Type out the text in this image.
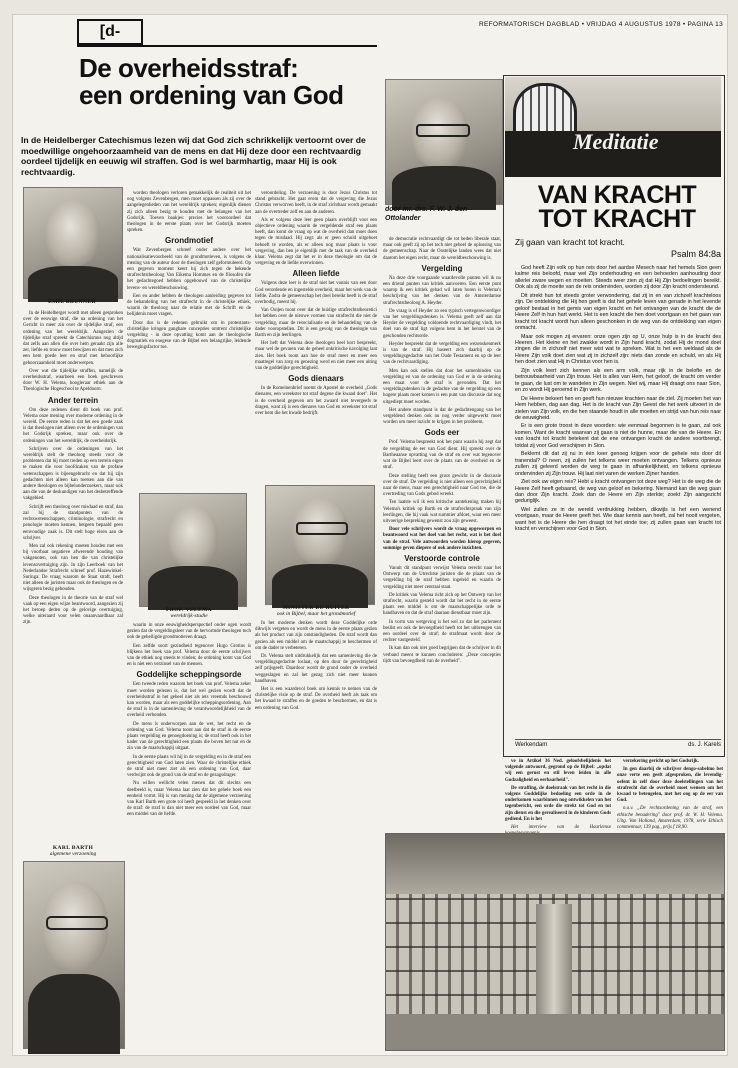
REFORMATORISCH DAGBLAD • VRIJDAG 4 AUGUSTUS 1978 • PAGINA 13
[d-
De overheidsstraf:
een ordening van God
In de Heidelberger Catechismus lezen wij dat God zich schrikkelijk vertoornt over de moedwillige ongehoorzaamheid van de mens en dat Hij deze door een rechtvaardig oordeel tijdelijk en eeuwig wil straffen. God is wel barmhartig, maar Hij is ook rechtvaardig.
door mr. drs. F. W. J. den Ottolander
EMIL BRUNNER

In de Heidelberger wordt met alleen gesproken over de eeuwige straf, die na ordening van het Gericht in meer zin over de tijdelijke straf, een ordening van het wereldrijk. Aangezien de tijdelijke straf spreekt de Catechismus nog altijd dat zelfs aan allen die over hem geraakt zijn alle zer, liefde en trouw moet bewijzen en dat men zich een hem goede leer en straf met behoorlijke gehoorzaamheid moet onderwerpen.

Over wat die tijdelijke straffen, namelijk de overheidsstraf, waarheen een boek geschreven door W. H. Velema, hoogleraar ethiek aan de Theologische Hogeschool te Apeldoorn.

Ander terrein

Om deze redenen dient dit boek van prof. Velema onze mening over moderne ordening in de wereld. De eerste reden is dat het een goede zaak is dat theologen niet alleen over de ordeningen van het Godsrijk spreken, maar ook over de ordeningen van het wereldrijk, de overheidsrijk.

Schrijven over de ordeningen van het wereldrijk stelt de theoloog steeds voor de problemen dat hij moet treden op een terrein eigen te maken die voor hoofdzaken van de profane wetenschappen is bijeengebracht en dat hij zijn gedachten niet alleen kan toetsen aan die van andere theologen en bijbelonderzoekers, maar ook aan die van de deskundigen van het desbetreffende vakgebied.

Schrijft een theoloog over misdaad en straf, dan zal hij de standpunten van de rechtswetenschappen, criminologie, strafrecht en penologie moeten kennen, hetgeen bepaald geen eenvoudige zaak is. Dit stelt hoge eisen aan de schrijver.

Men zal ook rekening moeten houden met een bij voorbaat negatieve afwerende houding van vakgenoten, ook van hen die van christelijke levensovertuiging zijn. In zijn Leerboek van het Nederlandse Strafrecht schreef prof. Hazewinkel-Suringa: De vraag waarom de Staat straft, heeft niet alleen de juristen maar ook de theologen en de wijsgeren bezig gehouden.

Deze theologen in de theorie van de straf wel vaak op een eigen wijze beantwoord, aangezien zij het beroep deden op de gelovige overtuiging, welke uiteraard voor velen onaanvaardbaar zal zijn.

KARL BARTH
algemene verzoening

worden theologen verloren gemakkelijk de realiteit uit het oog volgens Zevenbergen, men moet oppassen als zij over de aangelegenheden van het wereldrijk spreken; eigenlijk dienen zij zich alleen bezig te houden met de belangen van het Godsrijk. Toeven baakjes: precies het vooroordeel dat theologen in de eerste plaats over het Godsrijk moeten spreken.

Grondmotief

Wat Zevenbergen schreef onder andere over het nationalisatievoorbeeld van de grondmotieven, is volgens de mening van de auteur door de theologen zelf geformuleerd. Op een gegeven moment keert hij zich tegen de bekende strafrechtstheoloog Van Eikema Hommes en de filosofen die het gedachtegoed hebben opgebouwd van de christelijke levens- en wereldbeschouwing.

Een en ander hebben de theologen aanleiding gegeven tot de behandeling van het strafrecht in de christelijke ethiek, waarin de theoloog naar de relatie met de Schrift en de belijdenis moet vragen.

Door dus is de redenen gebruikt om in protestants-christelijke kringen gangbare concepties omtrent christelijke vergelding - in deze opvatting komt aan de theologische dogmatiek en exegese van de Bijbel een belangrijke, leidende bewegingsfactor toe.

PROF. VELEMA
wereldrijk-studie

waarin in onze eeuwigheidsperspectief onder ogen wordt gezien dat de vergeldingsleer van de hervormde theologen toch ook de geheiligde grondmotieven draagt.

Een zelfde soort gezindheid tegenover Hugo Grotius is blijkens het boek van prof. Velema door de eerste schrijvers van de ethiek nog steeds te vinden; de ordening komt van God en is niet een verzinsel van de mensen.

Goddelijke scheppingsorde

Een tweede reden waarom het boek van prof. Velema zeker moet worden gelezen is, dat het wel gezien wordt dat de overheidsstraf in het geheel niet als iets vreemds beschouwd kan worden, maar als een goddelijke scheppingsordening. Aan de straf is in de samenleving de verantwoordelijkheid van de overheid verbonden.

De mens is onderworpen aan de wet, het recht en de ordening van God. Velema toont aan dat de straf in de eerste plaats vergelding en genoegdoening is; de straf heeft ook in het kader van de gerechtigheid een plaats die boven het nut en de zin van de maatschappij uitgaat.

In de eerste plaats wil hij in de vergelding en in de straf een gerechtigheid van God laten zien. Waar de christelijke ethiek de straf niet meer ziet als een ordening van God, daar verdwijnt ook de grond van de straf en de gezagsdrager.

Nu willen wellicht velen menen dat dit slechts een deelbeeld is, maar Velema laat zien dat het gehele boek een eenheid vormt. Hij is van mening dat de algemene verzoening van Karl Barth een grote rol heeft gespeeld in het denken over de straf: de straf is dan niet meer een oordeel van God, maar een middel van de liefde.

veroordeling. De verzoening is door Jezus Christus tot stand gebracht. Het gaat erom dat de vergeving die Jezus Christus verworven heeft, in de straf zichtbaar wordt gemaakt aan de overtreder zelf en aan de anderen.

Als er volgens deze leer geen plaats overblijft voor een objectieve ordening waarin de vergeldende straf een plaats heeft, dan komt de vraag op wat de overheid dan moet doen tegen de misdaad. Hij zegt: als er geen schuld uitgeboet behoeft te worden, als er alleen nog maar plaats is voor vergeving, dan ben je eigenlijk met de taak van de overheid klaar. Velema zegt dat het er in deze theologie om dat de vergeving en de liefde overwinnen.

Alleen liefde

Volgens deze leer is de straf niet het vonnis van een door God verordende en ingestelde overheid, maar het werk van de liefde. Zodra de gemeenschap het doel bereikt heeft is de straf overbodig, meent hij.

Van Ooijen toont over dat de huidige strafrechtstheoretici het hebben over de nieuwe vormen van strafrecht die niet de vergelding, maar de resocialisatie en de behandeling van de dader vooropstellen. Dit is een gevolg van de theologie van Barth en zijn leerlingen.

Het heft dat Velema deze theologen heel kort bespreekt, maar wel de gevaren van de geheel onkritische navolging laat zien. Het boek toont aan hoe de straf meer en meer een maatregel van zorg en genezing werd en niet meer een uiting van de goddelijke gerechtigheid.

Gods dienaars

In de Romeinenbrief noemt de Apostel de overheid „Gods dienares, een wreekster tot straf degene die kwaad doet". Het is de overheid gegeven om het zwaard niet tevergeefs te dragen, want zij is een dienares van God en wreekster tot straf over hem die het kwade bedrijft.

MINISTER DE RUITER
ook in Bijbel, maar het grondmotief

In het moderne denken wordt deze Goddelijke orde dikwijls vergeten en wordt de mens in de eerste plaats gezien als het product van zijn omstandigheden. De straf wordt dan gezien als een middel om de maatschappij te beschermen of om de dader te verbeteren.

Dr. Velema stelt uitdrukkelijk dat een samenleving die de vergeldingsgedachte loslaat, op den duur de gerechtigheid zelf prijsgeeft. Daardoor wordt de grond onder de overheid weggeslagen en zal het gezag zich niet meer kunnen handhaven.

Het is een waardevol boek om kennis te nemen van de christelijke visie op de straf. De overheid heeft als taak om het kwaad te straffen en de goeden te beschermen, en dat is een ordening van God.

de democratie rechtvaardigt die tot beden liberale staat, maar ook geeft zij op het toch niet geheel de oplossing van de gemeenschap. Naar de Oostelijke landen wees dat niet daarom het eigen recht, maar de wereldbeschouwing is.

Vergelding

Na deze drie voorgaande waardevolle punten wil ik nu een drietal punten van kritiek aanvoeren. Een eerste punt waarop ik een kritiek gehad wil laten horen is Velema's beschrijving van het denken van de Amsterdamse strafrechtstheoloog A. Heyder.

De vraag is of Heyder zo een typisch vertegenwoordiger van het vergeldingsdenken is. Velema geeft zelf aan dat Heyder de vergelding voldoende rechtvaardiging vindt, het doel van de straf ligt volgens hem in het herstel van de geschonden rechtsorde.

Heyder bespreekt dat de vergelding een wezenskenmerk is van de straf. Hij baseert zich daarbij op de vergeldingsgedachte van het Oude Testament en op de leer van de rechtvaardiging.

Men kan ook stellen dat door het samenbinden van vergelding en van de ordening van God er in de ordening een maat voor de straf is gevonden. Dat het vergeldingsdenken in de gedachte van de vergelding op een hogere plaats moet komen is een punt van discussie dat nog uitgediept moet worden.

Het andere standpunt is dat de gedachtengang van het vergeldend denken ook nu nog verder uitgewerkt moet worden om meer inzicht te krijgen in het probleem.

Gods eer

Prof. Velema bespreekt ook het punt waarin hij zegt dat de vergelding de eer van God dient. Hij spreekt over de Bartheaanse opvatting van de straf en over wat tegenover wat de Bijbel leert over de plaats van de overheid en de straf.

Deze stelling heeft een groot gewicht in de discussie over de straf. De vergelding is niet alleen een gerechtigheid naar de mens, maar een gerechtigheid naar God toe, die de overtreding van Gods gebod wreekt.

Ten laatste wil ik een kritische aantekening maken bij Velema's kritiek op Barth en de strafrechtspraak van zijn leerlingen, die hij vaak wat summier afdoet, waar een meer uitvoerige bespreking gewenst zou zijn geweest.

Door vele schrijvers wordt de vraag opgeworpen en beantwoord wat het doel van het recht, wat is het doel van de straf. Vele antwoorden worden hierop gegeven, sommige geven diepere of ook andere inzichten.

Verstoorde controle

Vanuit dit standpunt verwijst Velema terecht naar het Ontwerp van de Utrechtse juristen die de plaats van de vergelding bij de straf hebben ingeleid en waarin de vergelding niet meer centraal staat.

De kritiek van Velema richt zich op het Ontwerp van het strafrecht, waarin gesteld wordt dat het recht in de eerste plaats een middel is om de maatschappelijke orde te handhaven en dat de straf daaraan dienstbaar moet zijn.

In vorm van wetgeving is het wel zo dat het parlement beslist en ook de bevoegdheid heeft tot het uitbrengen van een oordeel over de straf; de strafmaat wordt door de rechter vastgesteld.

Ik kan dan ook niet goed begrijpen dat de schrijver in dit verband meent te kunnen concluderen: „Deze concepties tijdt van bevoegdheid van de overheid".

Meditatie
VAN KRACHT
TOT KRACHT
Zij gaan van kracht tot kracht.
Psalm 84:8a

God heeft Zijn volk op hun reis door het aardse Mesech naar het hemels Sion geen kalme reis beloofd, maar wel Zijn onderhouding en een behoeden aanhouding door allerlei zware wegen en moeiten. Steeds weer zien zij dat Hij Zijn bedoelingen bereikt. Ook als zij de moeite van de reis ondervinden, worden zij door Zijn kracht ondersteund.

Dit strekt hun tot steeds groter verwondering, dat zij in en van zichzelf krachteloos zijn. De ontdekking die Hij hen geeft is dat het gehele leven van genade in het levende geloof bestaat in het gemis van eigen kracht en het ontvangen van de kracht die de Heere Zelf in hun hart werkt. Het is een kracht die hen doet voortgaan en het gaan van kracht tot kracht wordt hun alleen geschonken in de weg van de ontdekking van eigen onmacht.

Maar ook mogen zij ervaren: onze ogen zijn op U, onze hulp is in de kracht des Heeren. Het kleine en het zwakke wordt in Zijn hand kracht, zodat Hij de mond doet zingen die in zichzelf niet meer wist wat te spreken. Wat is het een weldaad als de Heere Zijn volk doet zien wat zij in zichzelf zijn: niets dan zonde en schuld, en als Hij hen doet zien wat Hij in Christus voor hen is.

Zijn volk leert zich kennen als een arm volk, maar rijk in de belofte en de betrouwbaarheid van Zijn trouw. Het is alles van Hem, het geloof, de kracht om verder te gaan, de lust om te wandelen in Zijn wegen. Niet wij, maar Hij draagt ons naar Sion, en zo wordt Hij geroemd in Zijn werk.

De Heere bekeert hen en geeft hun nieuwe krachten naar de ziel. Zij moeten het van Hem hebben, dag aan dag. Het is de kracht van Zijn Geest die het werk uitvoert in de zielen van Zijn volk, en die hen staande houdt in alle moeiten en strijd van hun reis naar de eeuwigheid.

Er is een grote troost in deze woorden: wie eenmaal begonnen is te gaan, zal ook komen. Want de kracht waarvan zij gaan is niet de hunne, maar die van de Heere. En van kracht tot kracht betekent dat de ene ontvangen kracht de andere voortbrengt, totdat zij voor God verschijnen in Sion.

Beklemt dit dat zij nu in één keer genoeg krijgen voor de gehele reis door dit tranendal? O neen, zij zullen het telkens weer moeten ontvangen. Telkens opnieuw zullen zij geleerd worden de weg te gaan in afhankelijkheid, en telkens opnieuw ondervinden zij Zijn trouw. Hij laat niet varen de werken Zijner handen.

Ziet ook uw eigen reis? Hebt u kracht ontvangen tot deze weg? Het is de weg die de Heere Zelf heeft gebaand, de weg van geloof en bekering. Niemand kan die weg gaan dan door Zijn kracht. Zoek dan de Heere en Zijn sterkte; zoekt Zijn aangezicht geduriglijk.

Wel zullen ze in de wereld verdrukking hebben, dikwijls is het een wenend voortgaan, maar de Heere geeft het. Wie daar kennis aan heeft, zal het nooit vergeten, want het is de Heere die hen draagt tot het einde toe; zij zullen gaan van kracht tot kracht en verschijnen voor God in Sion.

Werkendam	ds. J. Karels

ve in Artikel 36 Ned. geloofsbelijdenis het volgende antwoord, gegrond op de Bijbel: „opdat wij een gerust en stil leven leiden in alle Godzaligheid en eerbaarheid".

De straffing, de doelstraak van het recht in die volgens Goddelijke bedoeling een orde in de onderkomen waarbinnen nog ontwikkelen van het tegenbericht, een orde die strekt tot God en tot zijn dienst en die gerealiseerd in de kinderen Gods gediend. En is het

Het interview van de Haarlemse

verzekering gericht op het Godsrijk.

In gen daarbij de schrijver dengo-sabelmo bet onze verte een geeft afgesproken, die levendig-oefent in zelf door deze doelstellingen van het strafrecht dat de overheid moet wensen om het kwaad te beteugelen, met het oog op de eer van God.

n.a.v. „De rechtsordening van de straf, een ethische benadering" door prof. dr. W. H. Velema. Uitg. Van Holland, Amsterdam, 1978, serie Ethisch commentaar, 139 pag., prijs f 18,90.
